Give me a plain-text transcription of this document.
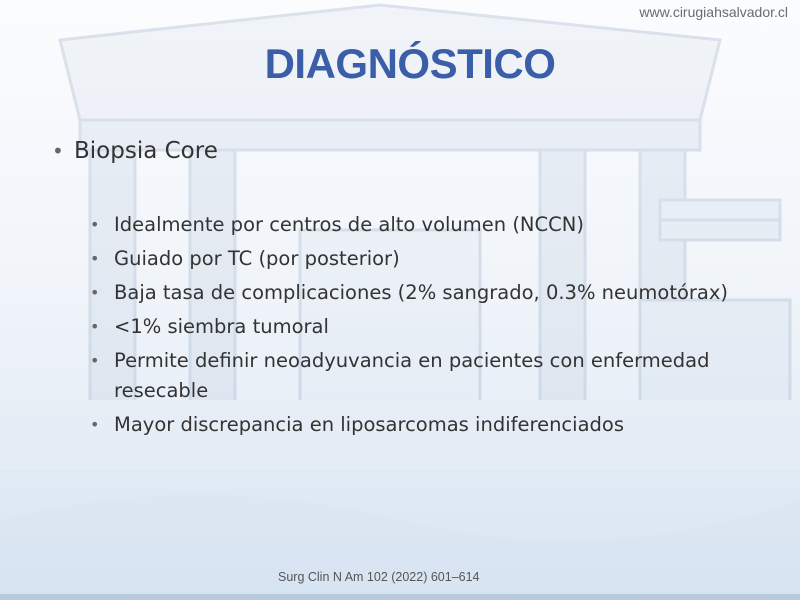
www.cirugiahsalvador.cl
DIAGNÓSTICO
• Biopsia Core
• Idealmente por centros de alto volumen (NCCN)
• Guiado por TC (por posterior)
• Baja tasa de complicaciones (2% sangrado, 0.3% neumotórax)
• <1% siembra tumoral
• Permite definir neoadyuvancia en pacientes con enfermedad resecable
• Mayor discrepancia en liposarcomas indiferenciados
Surg Clin N Am 102 (2022) 601–614
